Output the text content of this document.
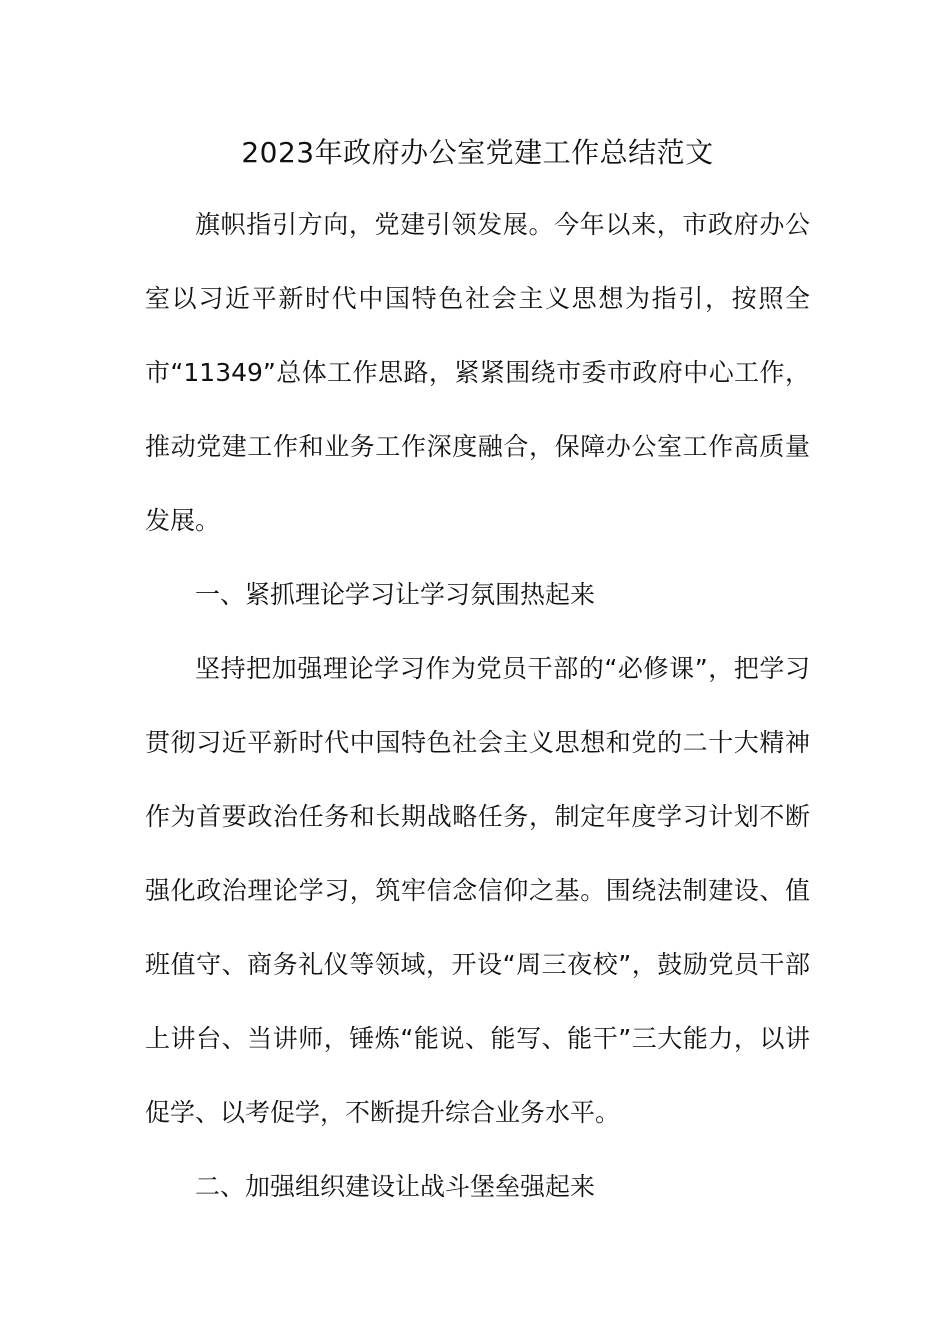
2023年政府办公室党建工作总结范文

旗帜指引方向，党建引领发展。今年以来，市政府办公室以习近平新时代中国特色社会主义思想为指引，按照全市“11349”总体工作思路，紧紧围绕市委市政府中心工作，推动党建工作和业务工作深度融合，保障办公室工作高质量发展。

一、紧抓理论学习让学习氛围热起来

坚持把加强理论学习作为党员干部的“必修课”，把学习贯彻习近平新时代中国特色社会主义思想和党的二十大精神作为首要政治任务和长期战略任务，制定年度学习计划不断强化政治理论学习，筑牢信念信仰之基。围绕法制建设、值班值守、商务礼仪等领域，开设“周三夜校”，鼓励党员干部上讲台、当讲师，锤炼“能说、能写、能干”三大能力，以讲促学、以考促学，不断提升综合业务水平。

二、加强组织建设让战斗堡垒强起来
